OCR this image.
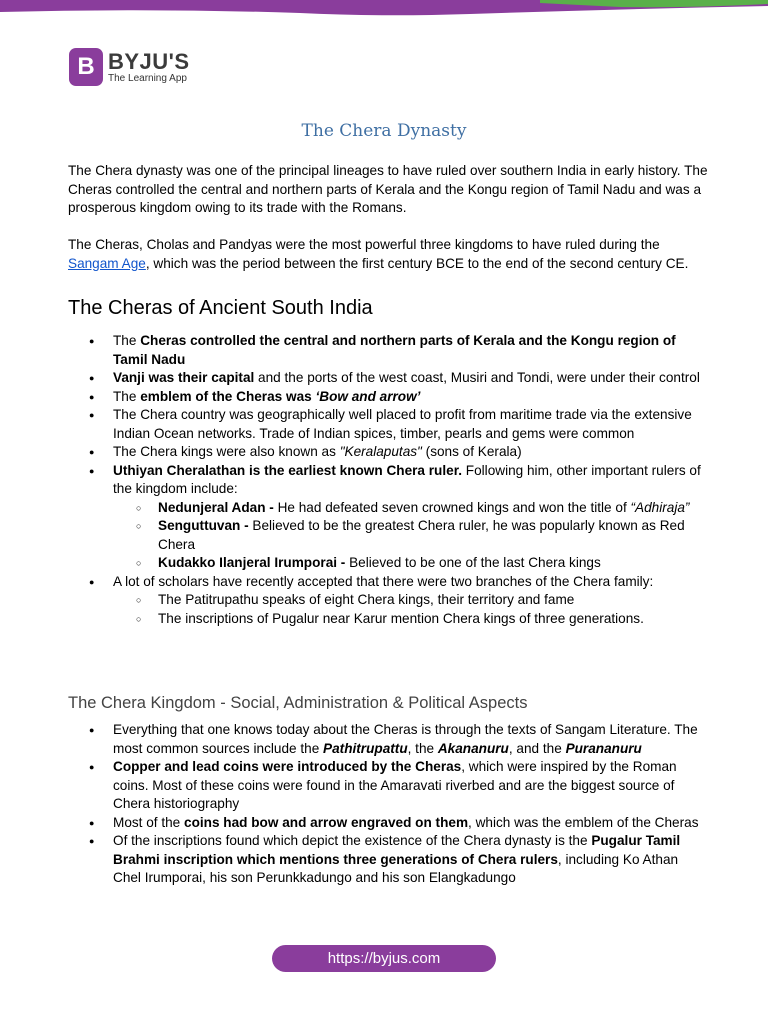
B BYJU'S
The Learning App
The Chera Dynasty
The Chera dynasty was one of the principal lineages to have ruled over southern India in early history. The Cheras controlled the central and northern parts of Kerala and the Kongu region of Tamil Nadu and was a prosperous kingdom owing to its trade with the Romans.
The Cheras, Cholas and Pandyas were the most powerful three kingdoms to have ruled during the Sangam Age, which was the period between the first century BCE to the end of the second century CE.
The Cheras of Ancient South India
● The Cheras controlled the central and northern parts of Kerala and the Kongu region of Tamil Nadu
● Vanji was their capital and the ports of the west coast, Musiri and Tondi, were under their control
● The emblem of the Cheras was ‘Bow and arrow’
● The Chera country was geographically well placed to profit from maritime trade via the extensive Indian Ocean networks. Trade of Indian spices, timber, pearls and gems were common
● The Chera kings were also known as "Keralaputas" (sons of Kerala)
● Uthiyan Cheralathan is the earliest known Chera ruler. Following him, other important rulers of the kingdom include:
○ Nedunjeral Adan - He had defeated seven crowned kings and won the title of “Adhiraja”
○ Senguttuvan - Believed to be the greatest Chera ruler, he was popularly known as Red Chera
○ Kudakko Ilanjeral Irumporai - Believed to be one of the last Chera kings
● A lot of scholars have recently accepted that there were two branches of the Chera family:
○ The Patitrupathu speaks of eight Chera kings, their territory and fame
○ The inscriptions of Pugalur near Karur mention Chera kings of three generations.
The Chera Kingdom - Social, Administration & Political Aspects
● Everything that one knows today about the Cheras is through the texts of Sangam Literature. The most common sources include the Pathitrupattu, the Akananuru, and the Purananuru
● Copper and lead coins were introduced by the Cheras, which were inspired by the Roman coins. Most of these coins were found in the Amaravati riverbed and are the biggest source of Chera historiography
● Most of the coins had bow and arrow engraved on them, which was the emblem of the Cheras
● Of the inscriptions found which depict the existence of the Chera dynasty is the Pugalur Tamil Brahmi inscription which mentions three generations of Chera rulers, including Ko Athan Chel Irumporai, his son Perunkkadungo and his son Elangkadungo
https://byjus.com
